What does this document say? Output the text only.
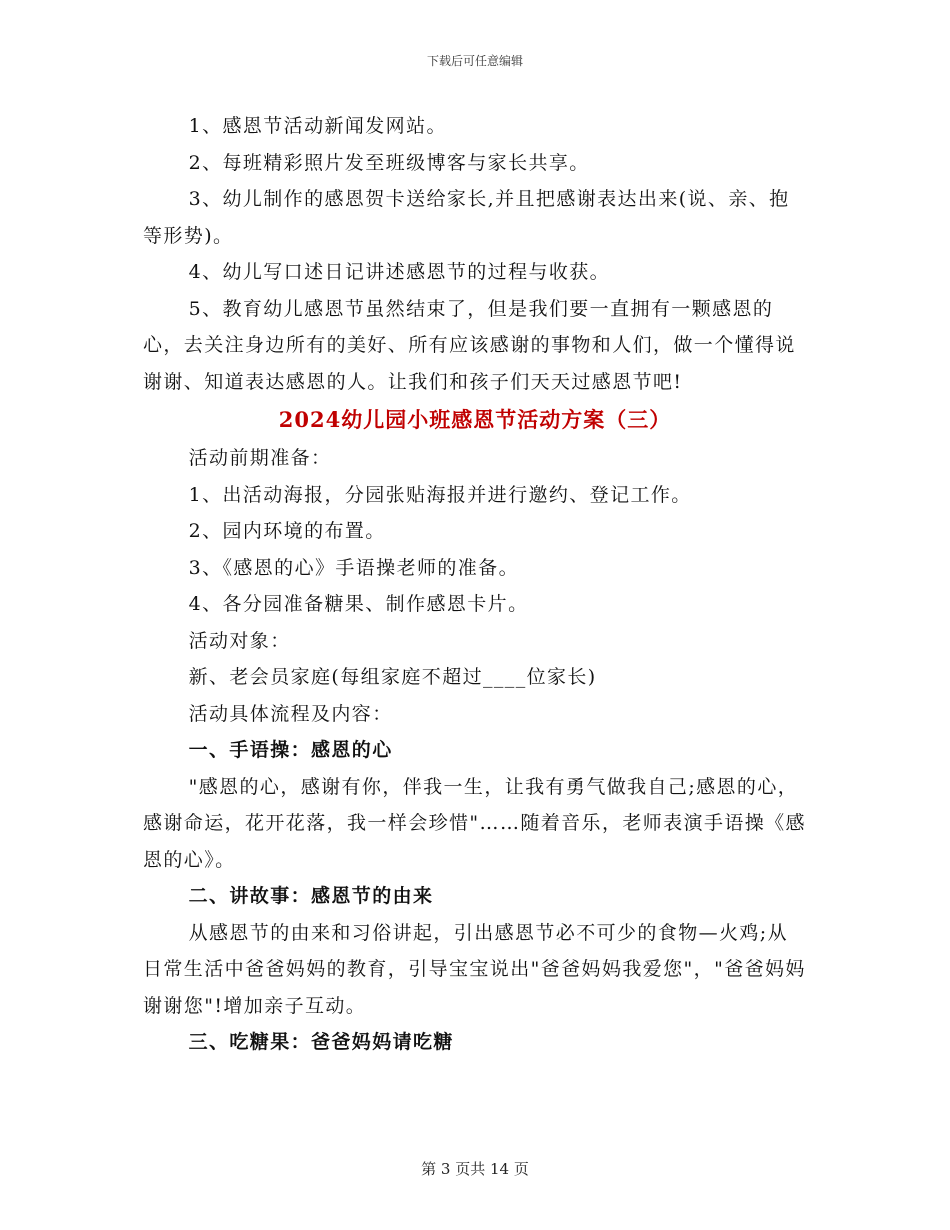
下载后可任意编辑

1、感恩节活动新闻发网站。

2、每班精彩照片发至班级博客与家长共享。

3、幼儿制作的感恩贺卡送给家长,并且把感谢表达出来(说、亲、抱等形势)。

4、幼儿写口述日记讲述感恩节的过程与收获。

5、教育幼儿感恩节虽然结束了，但是我们要一直拥有一颗感恩的心，去关注身边所有的美好、所有应该感谢的事物和人们，做一个懂得说谢谢、知道表达感恩的人。让我们和孩子们天天过感恩节吧!

2024幼儿园小班感恩节活动方案（三）

活动前期准备：

1、出活动海报，分园张贴海报并进行邀约、登记工作。

2、园内环境的布置。

3、《感恩的心》手语操老师的准备。

4、各分园准备糖果、制作感恩卡片。

活动对象：

新、老会员家庭(每组家庭不超过____位家长)

活动具体流程及内容：

一、手语操：感恩的心

"感恩的心，感谢有你，伴我一生，让我有勇气做我自己;感恩的心，感谢命运，花开花落，我一样会珍惜"……随着音乐，老师表演手语操《感恩的心》。

二、讲故事：感恩节的由来

从感恩节的由来和习俗讲起，引出感恩节必不可少的食物—火鸡;从日常生活中爸爸妈妈的教育，引导宝宝说出"爸爸妈妈我爱您"，"爸爸妈妈谢谢您"!增加亲子互动。

三、吃糖果：爸爸妈妈请吃糖

第 3 页共 14 页
